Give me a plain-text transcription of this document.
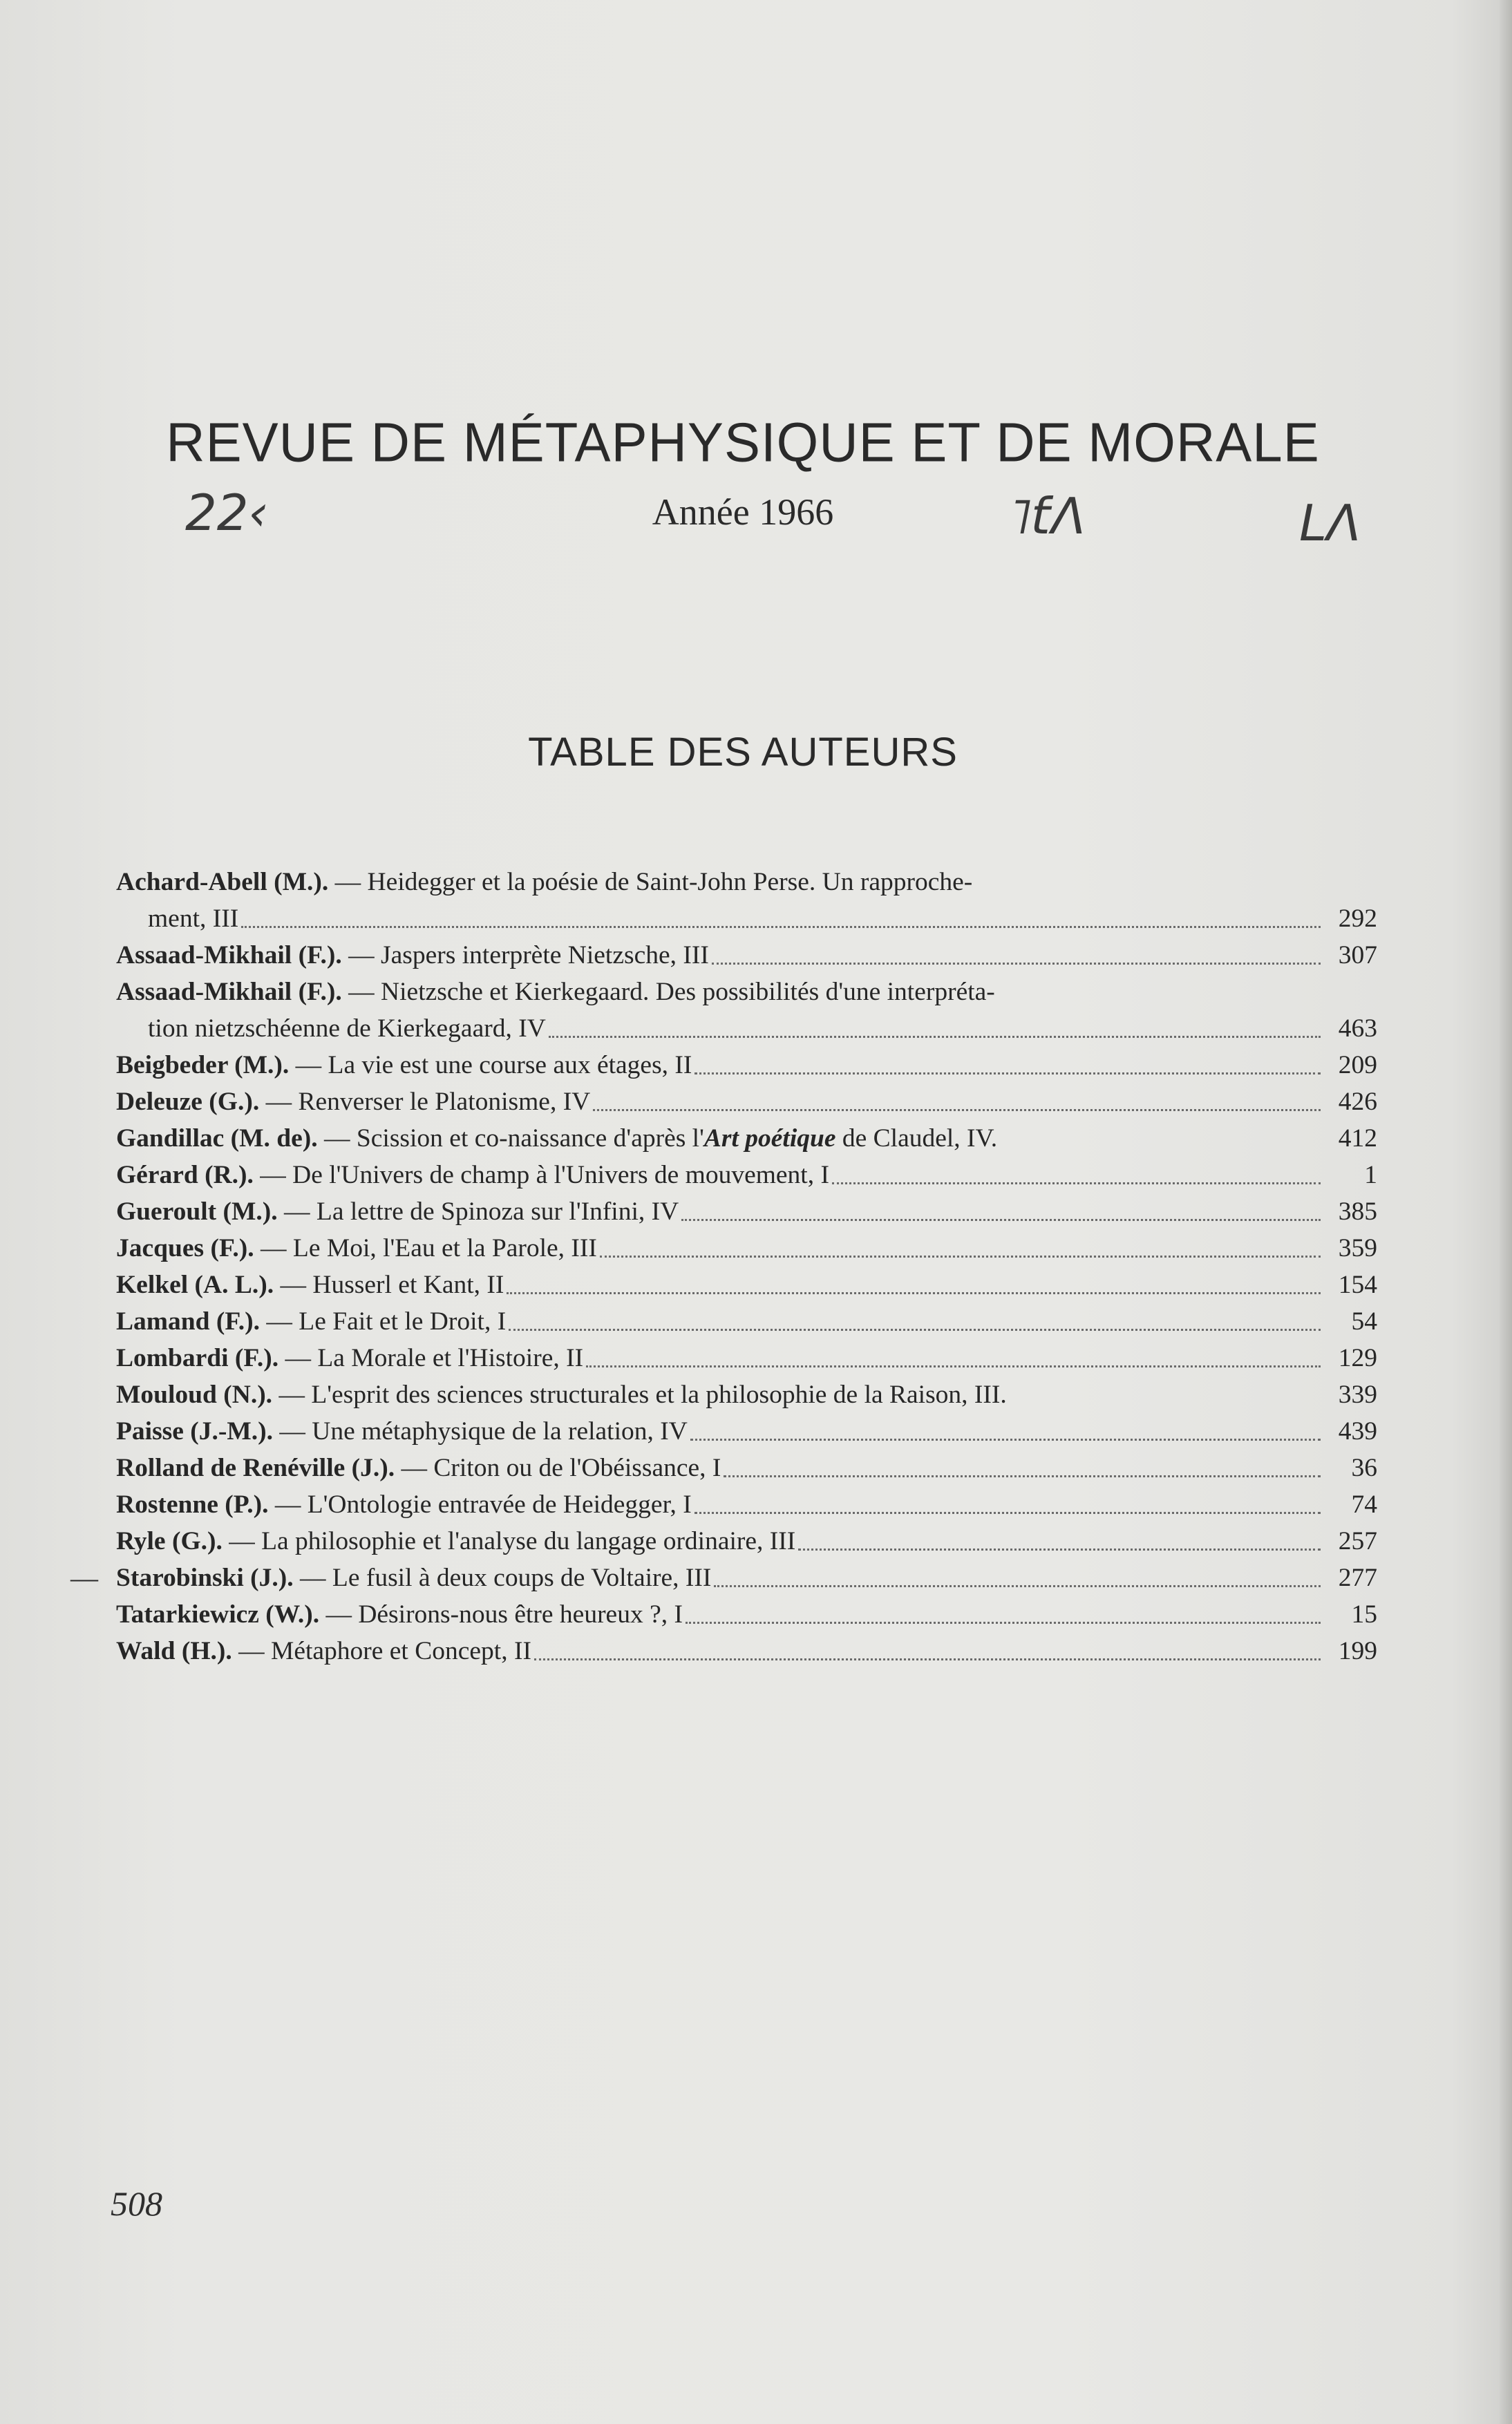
REVUE DE MÉTAPHYSIQUE ET DE MORALE
Année 1966
22‹	˥ƭΛ	LΛ
TABLE DES AUTEURS
Achard-Abell (M.). — Heidegger et la poésie de Saint-John Perse. Un rapproche-
ment, III	292
Assaad-Mikhail (F.). — Jaspers interprète Nietzsche, III	307
Assaad-Mikhail (F.). — Nietzsche et Kierkegaard. Des possibilités d'une interpréta-
tion nietzschéenne de Kierkegaard, IV	463
Beigbeder (M.). — La vie est une course aux étages, II	209
Deleuze (G.). — Renverser le Platonisme, IV	426
Gandillac (M. de). — Scission et co-naissance d'après l'Art poétique de Claudel, IV.	412
Gérard (R.). — De l'Univers de champ à l'Univers de mouvement, I	1
Gueroult (M.). — La lettre de Spinoza sur l'Infini, IV	385
Jacques (F.). — Le Moi, l'Eau et la Parole, III	359
Kelkel (A. L.). — Husserl et Kant, II	154
Lamand (F.). — Le Fait et le Droit, I	54
Lombardi (F.). — La Morale et l'Histoire, II	129
Mouloud (N.). — L'esprit des sciences structurales et la philosophie de la Raison, III.	339
Paisse (J.-M.). — Une métaphysique de la relation, IV	439
Rolland de Renéville (J.). — Criton ou de l'Obéissance, I	36
Rostenne (P.). — L'Ontologie entravée de Heidegger, I	74
Ryle (G.). — La philosophie et l'analyse du langage ordinaire, III	257
— Starobinski (J.). — Le fusil à deux coups de Voltaire, III	277
Tatarkiewicz (W.). — Désirons-nous être heureux ?, I	15
Wald (H.). — Métaphore et Concept, II	199
508
